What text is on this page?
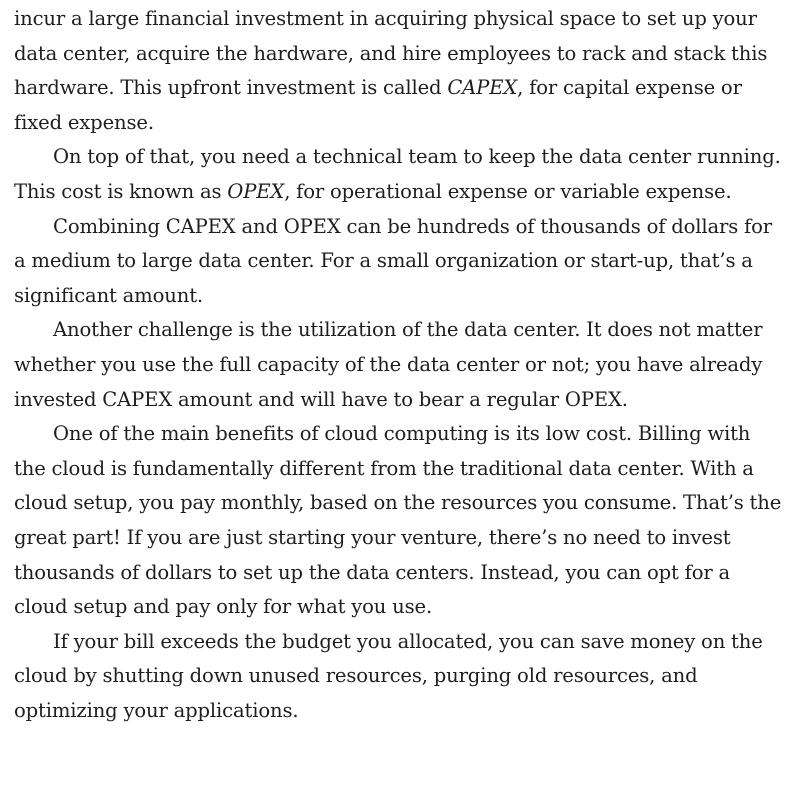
incur a large financial investment in acquiring physical space to set up your data center, acquire the hardware, and hire employees to rack and stack this hardware. This upfront investment is called CAPEX, for capital expense or fixed expense.

On top of that, you need a technical team to keep the data center running. This cost is known as OPEX, for operational expense or variable expense.

Combining CAPEX and OPEX can be hundreds of thousands of dollars for a medium to large data center. For a small organization or start-up, that’s a significant amount.

Another challenge is the utilization of the data center. It does not matter whether you use the full capacity of the data center or not; you have already invested CAPEX amount and will have to bear a regular OPEX.

One of the main benefits of cloud computing is its low cost. Billing with the cloud is fundamentally different from the traditional data center. With a cloud setup, you pay monthly, based on the resources you consume. That’s the great part! If you are just starting your venture, there’s no need to invest thousands of dollars to set up the data centers. Instead, you can opt for a cloud setup and pay only for what you use.

If your bill exceeds the budget you allocated, you can save money on the cloud by shutting down unused resources, purging old resources, and optimizing your applications.
